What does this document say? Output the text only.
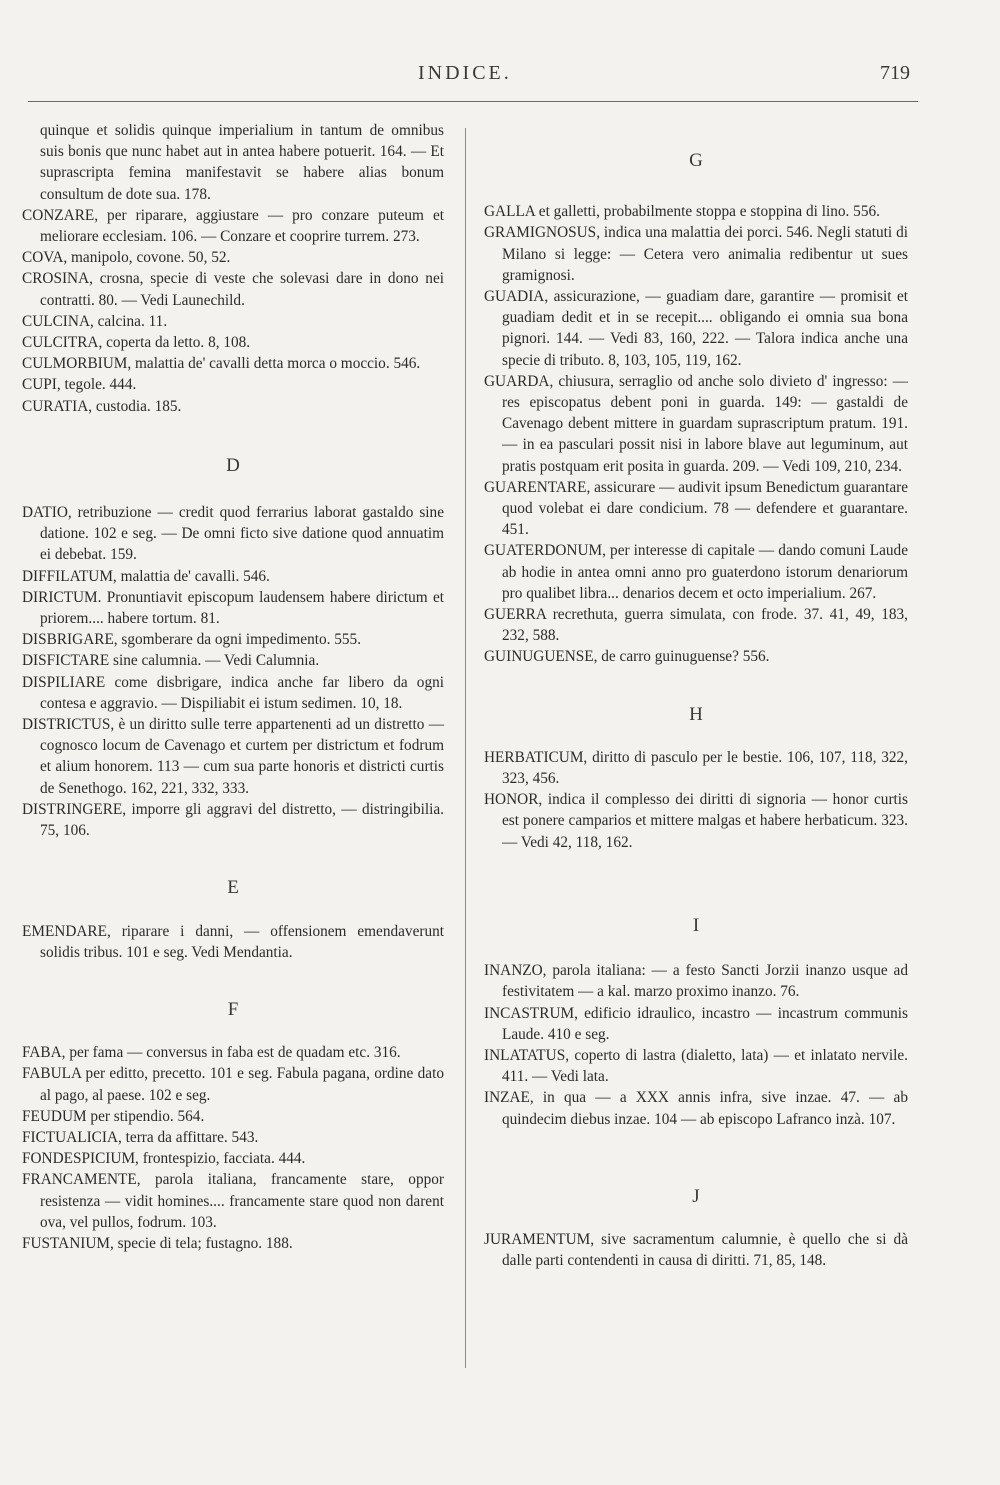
INDICE.	719

quinque et solidis quinque imperialium in tantum de omnibus suis bonis que nunc habet aut in antea habere potuerit. 164. — Et suprascripta femina manifestavit se habere alias bonum consultum de dote sua. 178.

CONZARE, per riparare, aggiustare — pro conzare puteum et meliorare ecclesiam. 106. — Conzare et cooprire turrem. 273.

COVA, manipolo, covone. 50, 52.

CROSINA, crosna, specie di veste che solevasi dare in dono nei contratti. 80. — Vedi Launechild.

CULCINA, calcina. 11.

CULCITRA, coperta da letto. 8, 108.

CULMORBIUM, malattia de' cavalli detta morca o moccio. 546.

CUPI, tegole. 444.

CURATIA, custodia. 185.

D

DATIO, retribuzione — credit quod ferrarius laborat gastaldo sine datione. 102 e seg. — De omni ficto sive datione quod annuatim ei debebat. 159.

DIFFILATUM, malattia de' cavalli. 546.

DIRICTUM. Pronuntiavit episcopum laudensem habere dirictum et priorem.... habere tortum. 81.

DISBRIGARE, sgomberare da ogni impedimento. 555.

DISFICTARE sine calumnia. — Vedi Calumnia.

DISPILIARE come disbrigare, indica anche far libero da ogni contesa e aggravio. — Dispiliabit ei istum sedimen. 10, 18.

DISTRICTUS, è un diritto sulle terre appartenenti ad un distretto — cognosco locum de Cavenago et curtem per districtum et fodrum et alium honorem. 113 — cum sua parte honoris et districti curtis de Senethogo. 162, 221, 332, 333.

DISTRINGERE, imporre gli aggravi del distretto, — distringibilia. 75, 106.

E

EMENDARE, riparare i danni, — offensionem emendaverunt solidis tribus. 101 e seg. Vedi Mendantia.

F

FABA, per fama — conversus in faba est de quadam etc. 316.

FABULA per editto, precetto. 101 e seg. Fabula pagana, ordine dato al pago, al paese. 102 e seg.

FEUDUM per stipendio. 564.

FICTUALICIA, terra da affittare. 543.

FONDESPICIUM, frontespizio, facciata. 444.

FRANCAMENTE, parola italiana, francamente stare, oppor resistenza — vidit homines.... francamente stare quod non darent ova, vel pullos, fodrum. 103.

FUSTANIUM, specie di tela; fustagno. 188.

G

GALLA et galletti, probabilmente stoppa e stoppina di lino. 556.

GRAMIGNOSUS, indica una malattia dei porci. 546. Negli statuti di Milano si legge: — Cetera vero animalia redibentur ut sues gramignosi.

GUADIA, assicurazione, — guadiam dare, garantire — promisit et guadiam dedit et in se recepit.... obligando ei omnia sua bona pignori. 144. — Vedi 83, 160, 222. — Talora indica anche una specie di tributo. 8, 103, 105, 119, 162.

GUARDA, chiusura, serraglio od anche solo divieto d' ingresso: — res episcopatus debent poni in guarda. 149: — gastaldi de Cavenago debent mittere in guardam suprascriptum pratum. 191. — in ea pasculari possit nisi in labore blave aut leguminum, aut pratis postquam erit posita in guarda. 209. — Vedi 109, 210, 234.

GUARENTARE, assicurare — audivit ipsum Benedictum guarantare quod volebat ei dare condicium. 78 — defendere et guarantare. 451.

GUATERDONUM, per interesse di capitale — dando comuni Laude ab hodie in antea omni anno pro guaterdono istorum denariorum pro qualibet libra... denarios decem et octo imperialium. 267.

GUERRA recrethuta, guerra simulata, con frode. 37. 41, 49, 183, 232, 588.

GUINUGUENSE, de carro guinuguense? 556.

H

HERBATICUM, diritto di pasculo per le bestie. 106, 107, 118, 322, 323, 456.

HONOR, indica il complesso dei diritti di signoria — honor curtis est ponere camparios et mittere malgas et habere herbaticum. 323. — Vedi 42, 118, 162.

I

INANZO, parola italiana: — a festo Sancti Jorzii inanzo usque ad festivitatem — a kal. marzo proximo inanzo. 76.

INCASTRUM, edificio idraulico, incastro — incastrum communis Laude. 410 e seg.

INLATATUS, coperto di lastra (dialetto, lata) — et inlatato nervile. 411. — Vedi lata.

INZAE, in qua — a XXX annis infra, sive inzae. 47. — ab quindecim diebus inzae. 104 — ab episcopo Lafranco inzà. 107.

J

JURAMENTUM, sive sacramentum calumnie, è quello che si dà dalle parti contendenti in causa di diritti. 71, 85, 148.
